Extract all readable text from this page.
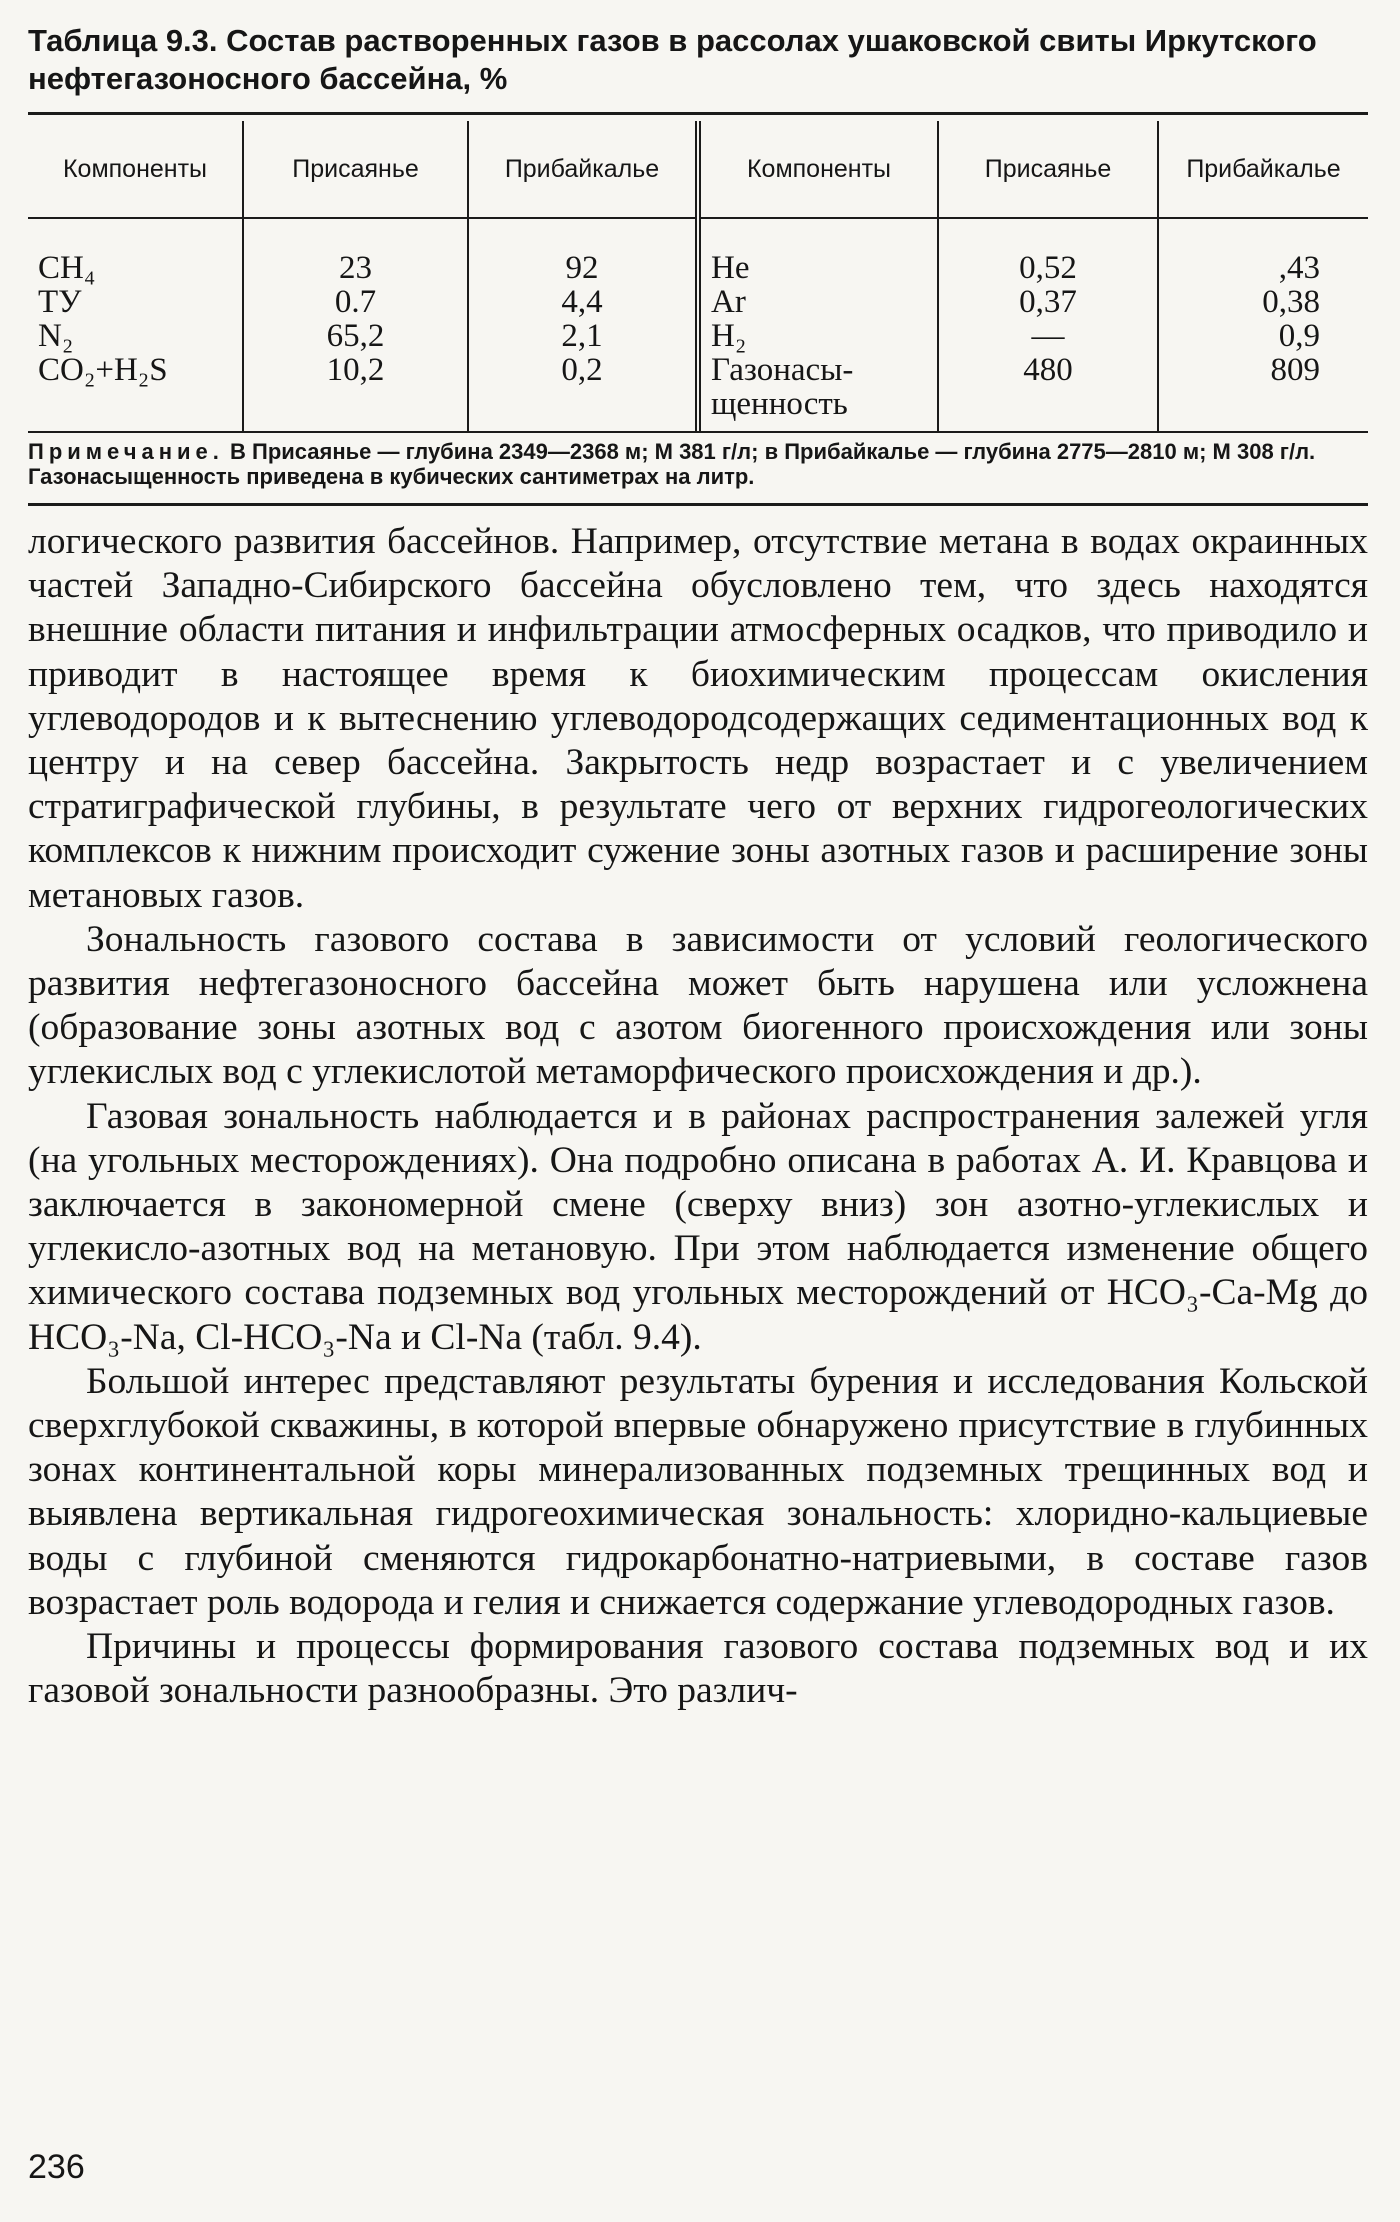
Таблица 9.3. Состав растворенных газов в рассолах ушаковской свиты Иркутского нефтегазоносного бассейна, %
Компоненты	Присаянье	Прибайкалье	Компоненты	Присаянье	Прибайкалье
CH₄	23	92	He	0,52	,43
ТУ	0.7	4,4	Ar	0,37	0,38
N₂	65,2	2,1	H₂	—	0,9
CO₂+H₂S	10,2	0,2	Газонасы-щенность	480	809
Примечание. В Присаянье — глубина 2349—2368 м; M 381 г/л; в Прибайкалье — глубина 2775—2810 м; M 308 г/л. Газонасыщенность приведена в кубических сантиметрах на литр.

логического развития бассейнов. Например, отсутствие метана в водах окраинных частей Западно-Сибирского бассейна обусловлено тем, что здесь находятся внешние области питания и инфильтрации атмосферных осадков, что приводило и приводит в настоящее время к биохимическим процессам окисления углеводородов и к вытеснению углеводородсодержащих седиментационных вод к центру и на север бассейна. Закрытость недр возрастает и с увеличением стратиграфической глубины, в результате чего от верхних гидрогеологических комплексов к нижним происходит сужение зоны азотных газов и расширение зоны метановых газов.

Зональность газового состава в зависимости от условий геологического развития нефтегазоносного бассейна может быть нарушена или усложнена (образование зоны азотных вод с азотом биогенного происхождения или зоны углекислых вод с углекислотой метаморфического происхождения и др.).

Газовая зональность наблюдается и в районах распространения залежей угля (на угольных месторождениях). Она подробно описана в работах А. И. Кравцова и заключается в закономерной смене (сверху вниз) зон азотно-углекислых и углекисло-азотных вод на метановую. При этом наблюдается изменение общего химического состава подземных вод угольных месторождений от HCO₃-Ca-Mg до HCO₃-Na, Cl-HCO₃-Na и Cl-Na (табл. 9.4).

Большой интерес представляют результаты бурения и исследования Кольской сверхглубокой скважины, в которой впервые обнаружено присутствие в глубинных зонах континентальной коры минерализованных подземных трещинных вод и выявлена вертикальная гидрогеохимическая зональность: хлоридно-кальциевые воды с глубиной сменяются гидрокарбонатно-натриевыми, в составе газов возрастает роль водорода и гелия и снижается содержание углеводородных газов.

Причины и процессы формирования газового состава подземных вод и их газовой зональности разнообразны. Это различ-

236
